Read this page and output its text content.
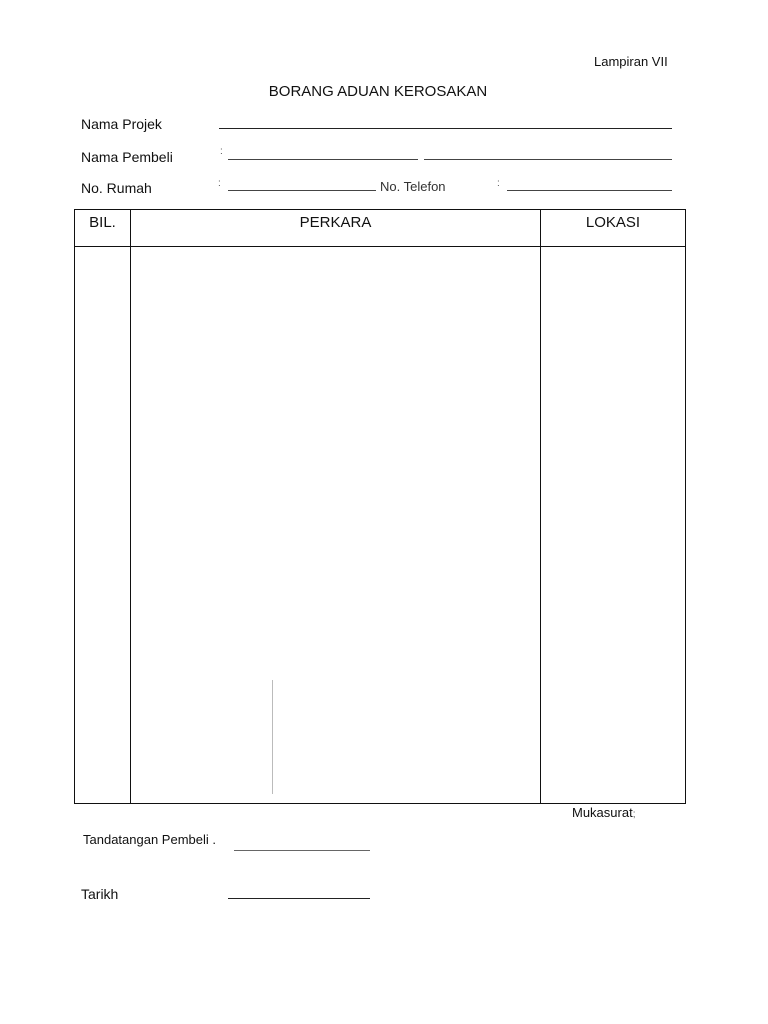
Lampiran VII
BORANG ADUAN KEROSAKAN
Nama Projek
Nama Pembeli	:
No. Rumah	:	No. Telefon	:
BIL.	PERKARA	LOKASI

Mukasurat;
Tandatangan Pembeli .
Tarikh
